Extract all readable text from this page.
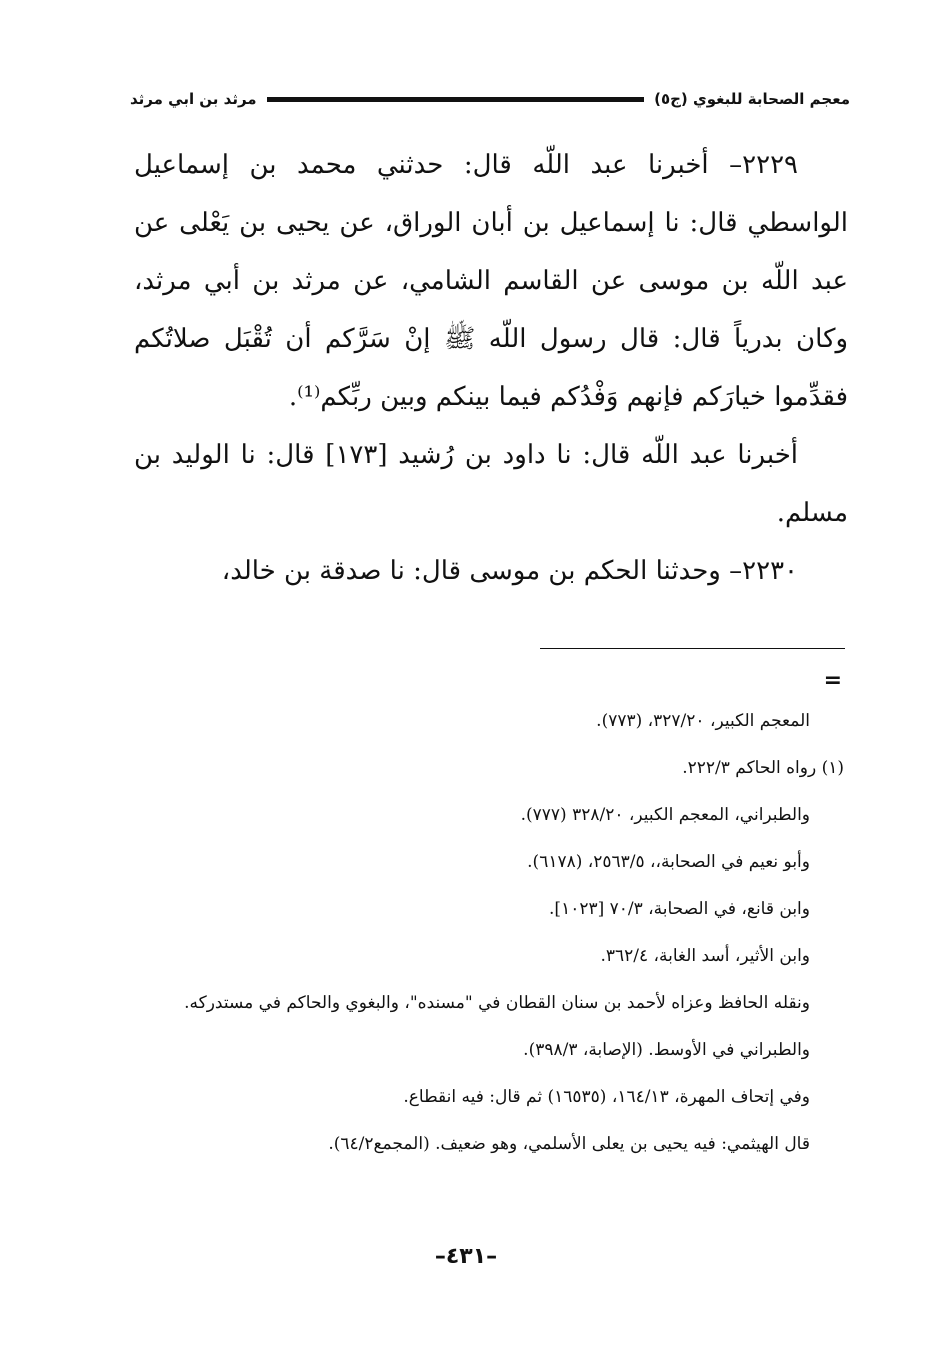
معجم الصحابة للبغوي (ج٥)
مرثد بن ابي مرثد

٢٢٢٩– أخبرنا عبد اللّه قال: حدثني محمد بن إسماعيل الواسطي قال: نا إسماعيل بن أبان الوراق، عن يحيى بن يَعْلى عن عبد اللّه بن موسى عن القاسم الشامي، عن مرثد بن أبي مرثد، وكان بدرياً قال: قال رسول اللّه ﷺ إنْ سَرَّكم أن تُقْبَل صلاتُكم فقدِّموا خيارَكم فإنهم وَفْدُكم فيما بينكم وبين ربِّكم⁽¹⁾.

أخبرنا عبد اللّه قال: نا داود بن رُشيد [١٧٣] قال: نا الوليد بن مسلم.

٢٢٣٠– وحدثنا الحكم بن موسى قال: نا صدقة بن خالد،

=

المعجم الكبير، ٣٢٧/٢٠، (٧٧٣).

(١) رواه الحاكم ٢٢٢/٣.

والطبراني، المعجم الكبير، ٣٢٨/٢٠ (٧٧٧).

وأبو نعيم في الصحابة،، ٢٥٦٣/٥، (٦١٧٨).

وابن قانع، في الصحابة، ٧٠/٣ [١٠٢٣].

وابن الأثير، أسد الغابة، ٣٦٢/٤.

ونقله الحافظ وعزاه لأحمد بن سنان القطان في "مسنده"، والبغوي والحاكم في مستدركه.

والطبراني في الأوسط. (الإصابة، ٣٩٨/٣).

وفي إتحاف المهرة، ١٦٤/١٣، (١٦٥٣٥) ثم قال: فيه انقطاع.

قال الهيثمي: فيه يحيى بن يعلى الأسلمي، وهو ضعيف. (المجمع٦٤/٢).

–٤٣١–
